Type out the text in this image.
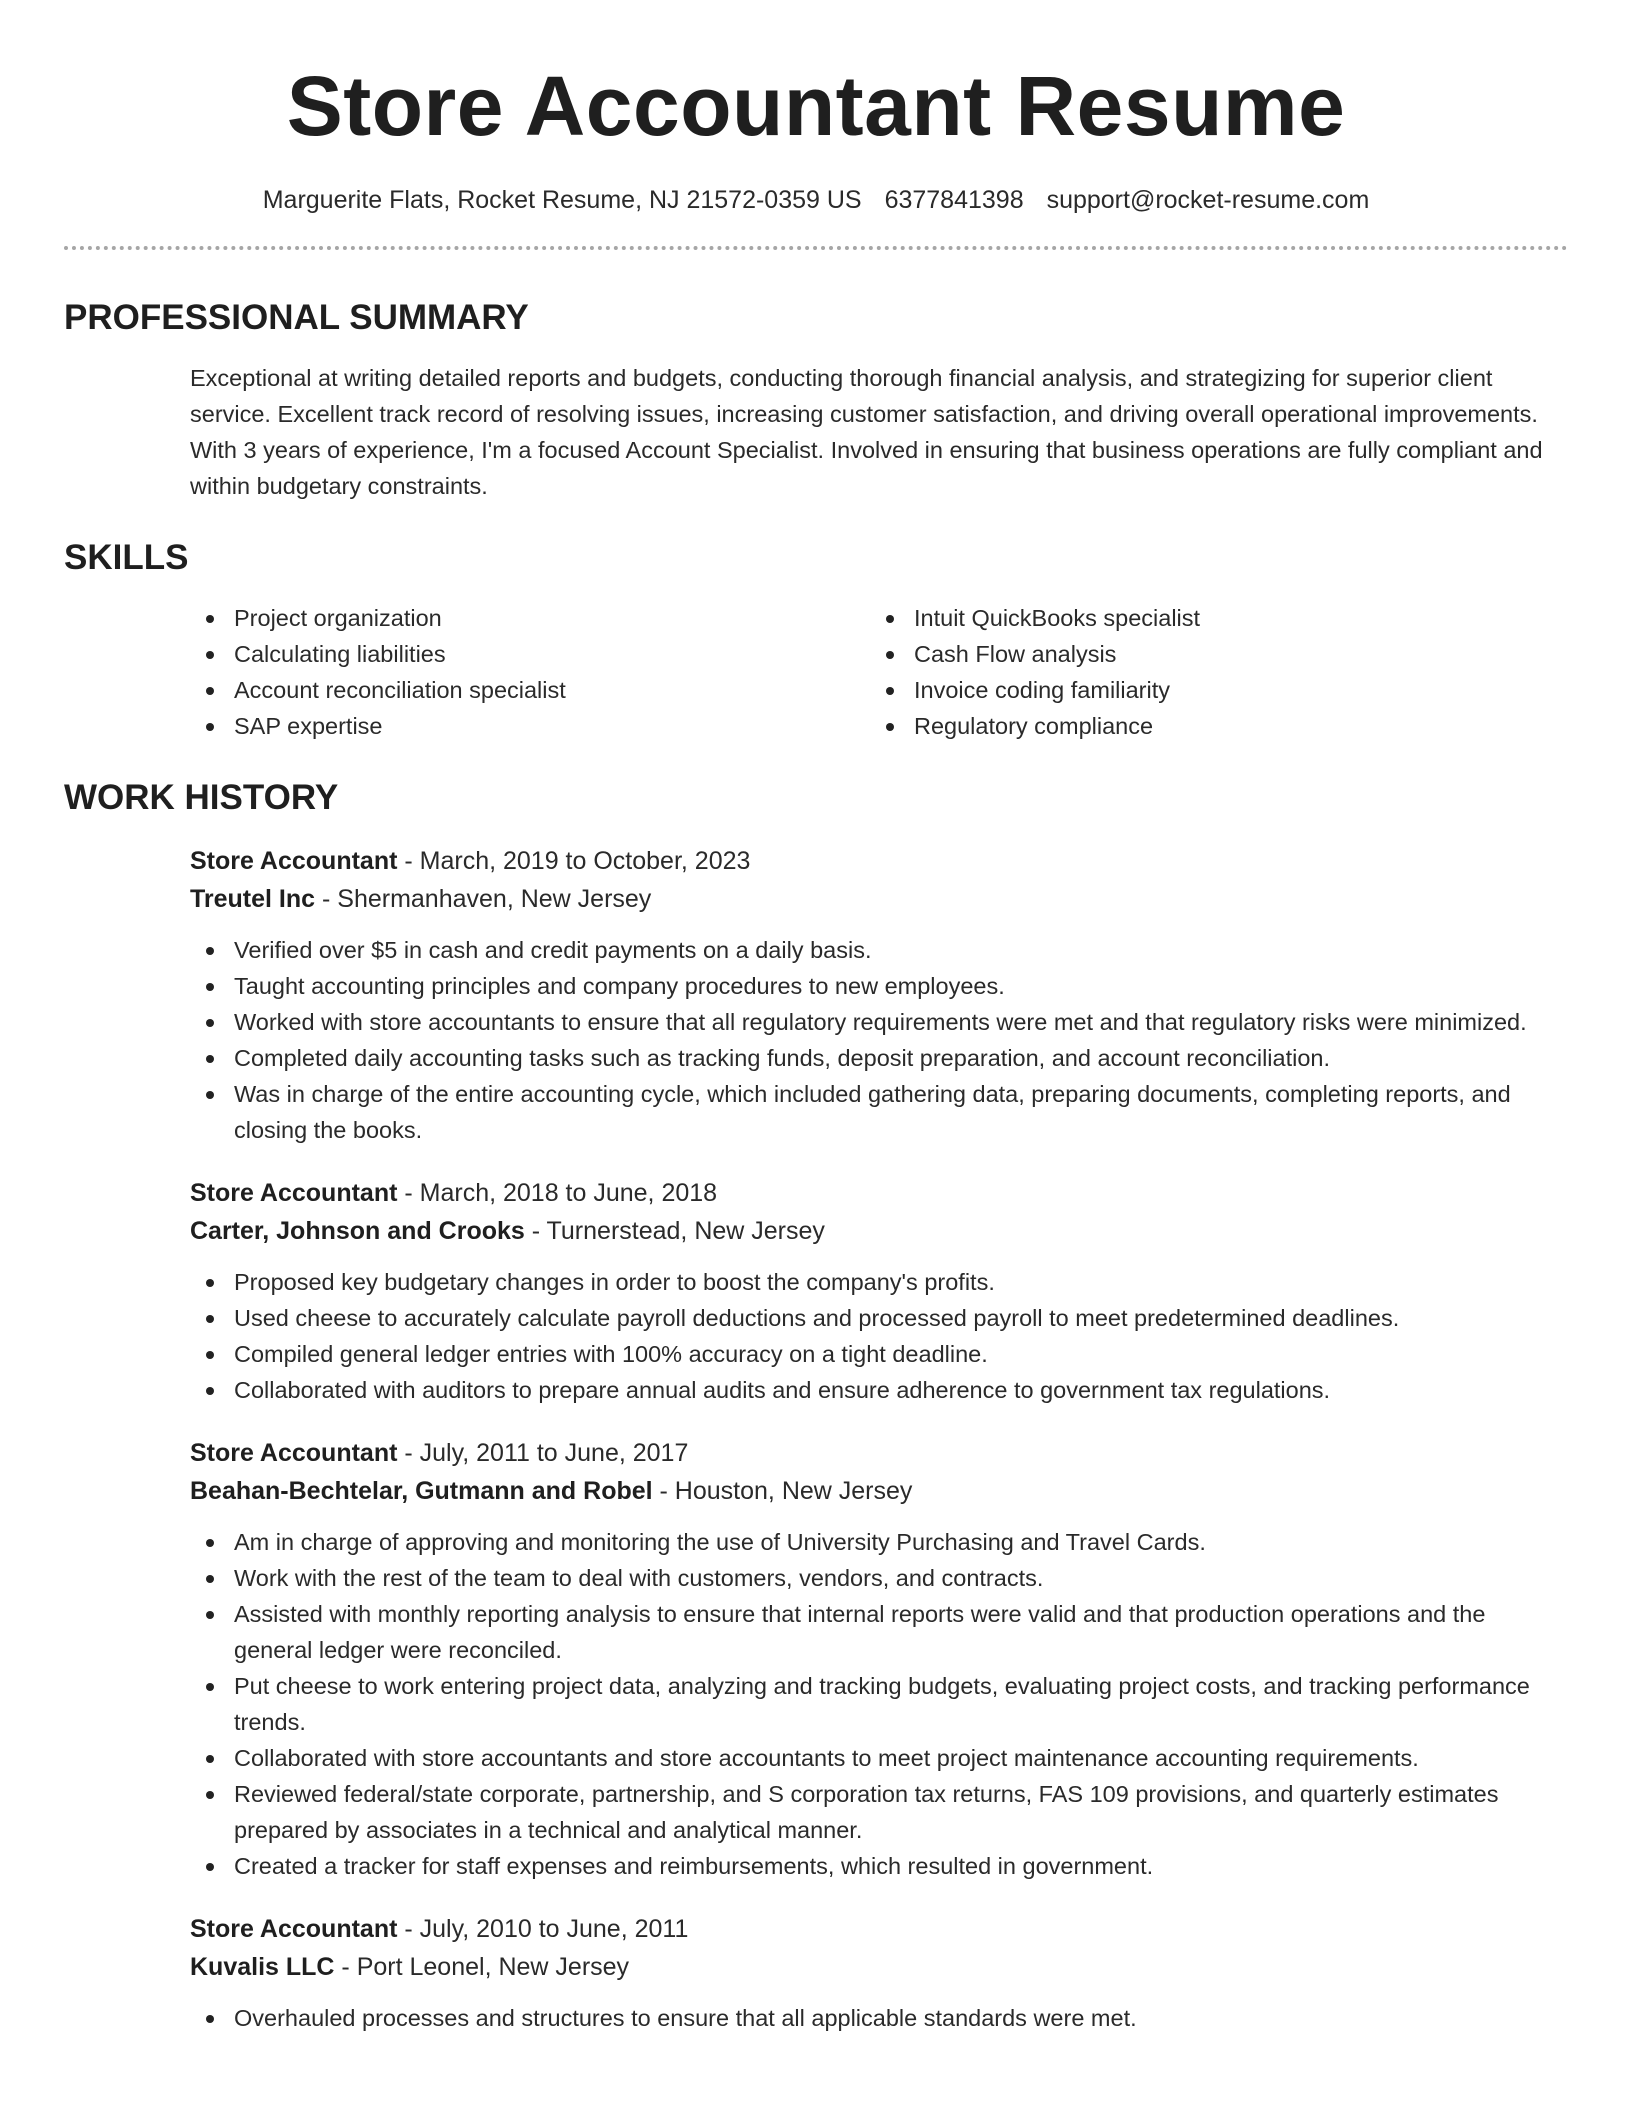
Store Accountant Resume
Marguerite Flats, Rocket Resume, NJ 21572-0359 US 6377841398 support@rocket-resume.com
PROFESSIONAL SUMMARY

Exceptional at writing detailed reports and budgets, conducting thorough financial analysis, and strategizing for superior client service. Excellent track record of resolving issues, increasing customer satisfaction, and driving overall operational improvements. With 3 years of experience, I'm a focused Account Specialist. Involved in ensuring that business operations are fully compliant and within budgetary constraints.

SKILLS
Project organization
Calculating liabilities
Account reconciliation specialist
SAP expertise
Intuit QuickBooks specialist
Cash Flow analysis
Invoice coding familiarity
Regulatory compliance
WORK HISTORY
Store Accountant - March, 2019 to October, 2023
Treutel Inc - Shermanhaven, New Jersey
Verified over $5 in cash and credit payments on a daily basis.
Taught accounting principles and company procedures to new employees.
Worked with store accountants to ensure that all regulatory requirements were met and that regulatory risks were minimized.
Completed daily accounting tasks such as tracking funds, deposit preparation, and account reconciliation.
Was in charge of the entire accounting cycle, which included gathering data, preparing documents, completing reports, and closing the books.
Store Accountant - March, 2018 to June, 2018
Carter, Johnson and Crooks - Turnerstead, New Jersey
Proposed key budgetary changes in order to boost the company's profits.
Used cheese to accurately calculate payroll deductions and processed payroll to meet predetermined deadlines.
Compiled general ledger entries with 100% accuracy on a tight deadline.
Collaborated with auditors to prepare annual audits and ensure adherence to government tax regulations.
Store Accountant - July, 2011 to June, 2017
Beahan-Bechtelar, Gutmann and Robel - Houston, New Jersey
Am in charge of approving and monitoring the use of University Purchasing and Travel Cards.
Work with the rest of the team to deal with customers, vendors, and contracts.
Assisted with monthly reporting analysis to ensure that internal reports were valid and that production operations and the general ledger were reconciled.
Put cheese to work entering project data, analyzing and tracking budgets, evaluating project costs, and tracking performance trends.
Collaborated with store accountants and store accountants to meet project maintenance accounting requirements.
Reviewed federal/state corporate, partnership, and S corporation tax returns, FAS 109 provisions, and quarterly estimates prepared by associates in a technical and analytical manner.
Created a tracker for staff expenses and reimbursements, which resulted in government.
Store Accountant - July, 2010 to June, 2011
Kuvalis LLC - Port Leonel, New Jersey
Overhauled processes and structures to ensure that all applicable standards were met.
